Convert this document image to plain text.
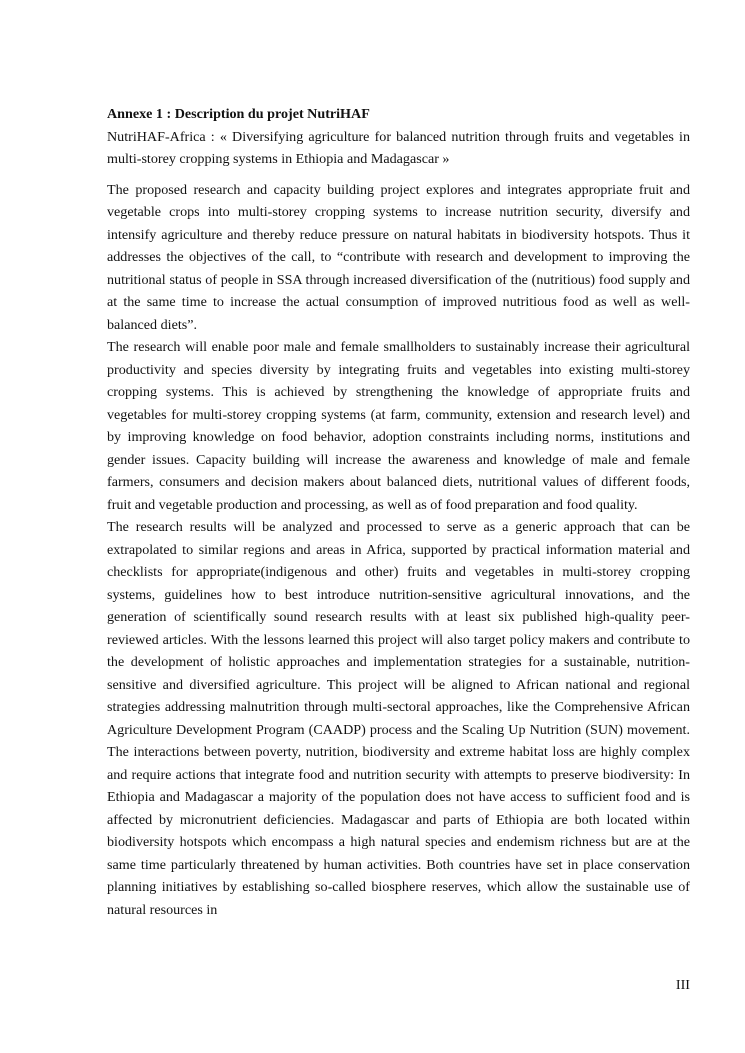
Annexe 1 : Description du projet NutriHAF

NutriHAF-Africa : « Diversifying agriculture for balanced nutrition through fruits and vegetables in multi-storey cropping systems in Ethiopia and Madagascar »

The proposed research and capacity building project explores and integrates appropriate fruit and vegetable crops into multi-storey cropping systems to increase nutrition security, diversify and intensify agriculture and thereby reduce pressure on natural habitats in biodiversity hotspots. Thus it addresses the objectives of the call, to “contribute with research and development to improving the nutritional status of people in SSA through increased diversification of the (nutritious) food supply and at the same time to increase the actual consumption of improved nutritious food as well as well-balanced diets”.

The research will enable poor male and female smallholders to sustainably increase their agricultural productivity and species diversity by integrating fruits and vegetables into existing multi-storey cropping systems. This is achieved by strengthening the knowledge of appropriate fruits and vegetables for multi-storey cropping systems (at farm, community, extension and research level) and by improving knowledge on food behavior, adoption constraints including norms, institutions and gender issues. Capacity building will increase the awareness and knowledge of male and female farmers, consumers and decision makers about balanced diets, nutritional values of different foods, fruit and vegetable production and processing, as well as of food preparation and food quality.

The research results will be analyzed and processed to serve as a generic approach that can be extrapolated to similar regions and areas in Africa, supported by practical information material and checklists for appropriate(indigenous and other) fruits and vegetables in multi-storey cropping systems, guidelines how to best introduce nutrition-sensitive agricultural innovations, and the generation of scientifically sound research results with at least six published high-quality peer-reviewed articles. With the lessons learned this project will also target policy makers and contribute to the development of holistic approaches and implementation strategies for a sustainable, nutrition-sensitive and diversified agriculture. This project will be aligned to African national and regional strategies addressing malnutrition through multi-sectoral approaches, like the Comprehensive African Agriculture Development Program (CAADP) process and the Scaling Up Nutrition (SUN) movement. The interactions between poverty, nutrition, biodiversity and extreme habitat loss are highly complex and require actions that integrate food and nutrition security with attempts to preserve biodiversity: In Ethiopia and Madagascar a majority of the population does not have access to sufficient food and is affected by micronutrient deficiencies. Madagascar and parts of Ethiopia are both located within biodiversity hotspots which encompass a high natural species and endemism richness but are at the same time particularly threatened by human activities. Both countries have set in place conservation planning initiatives by establishing so-called biosphere reserves, which allow the sustainable use of natural resources in

III
